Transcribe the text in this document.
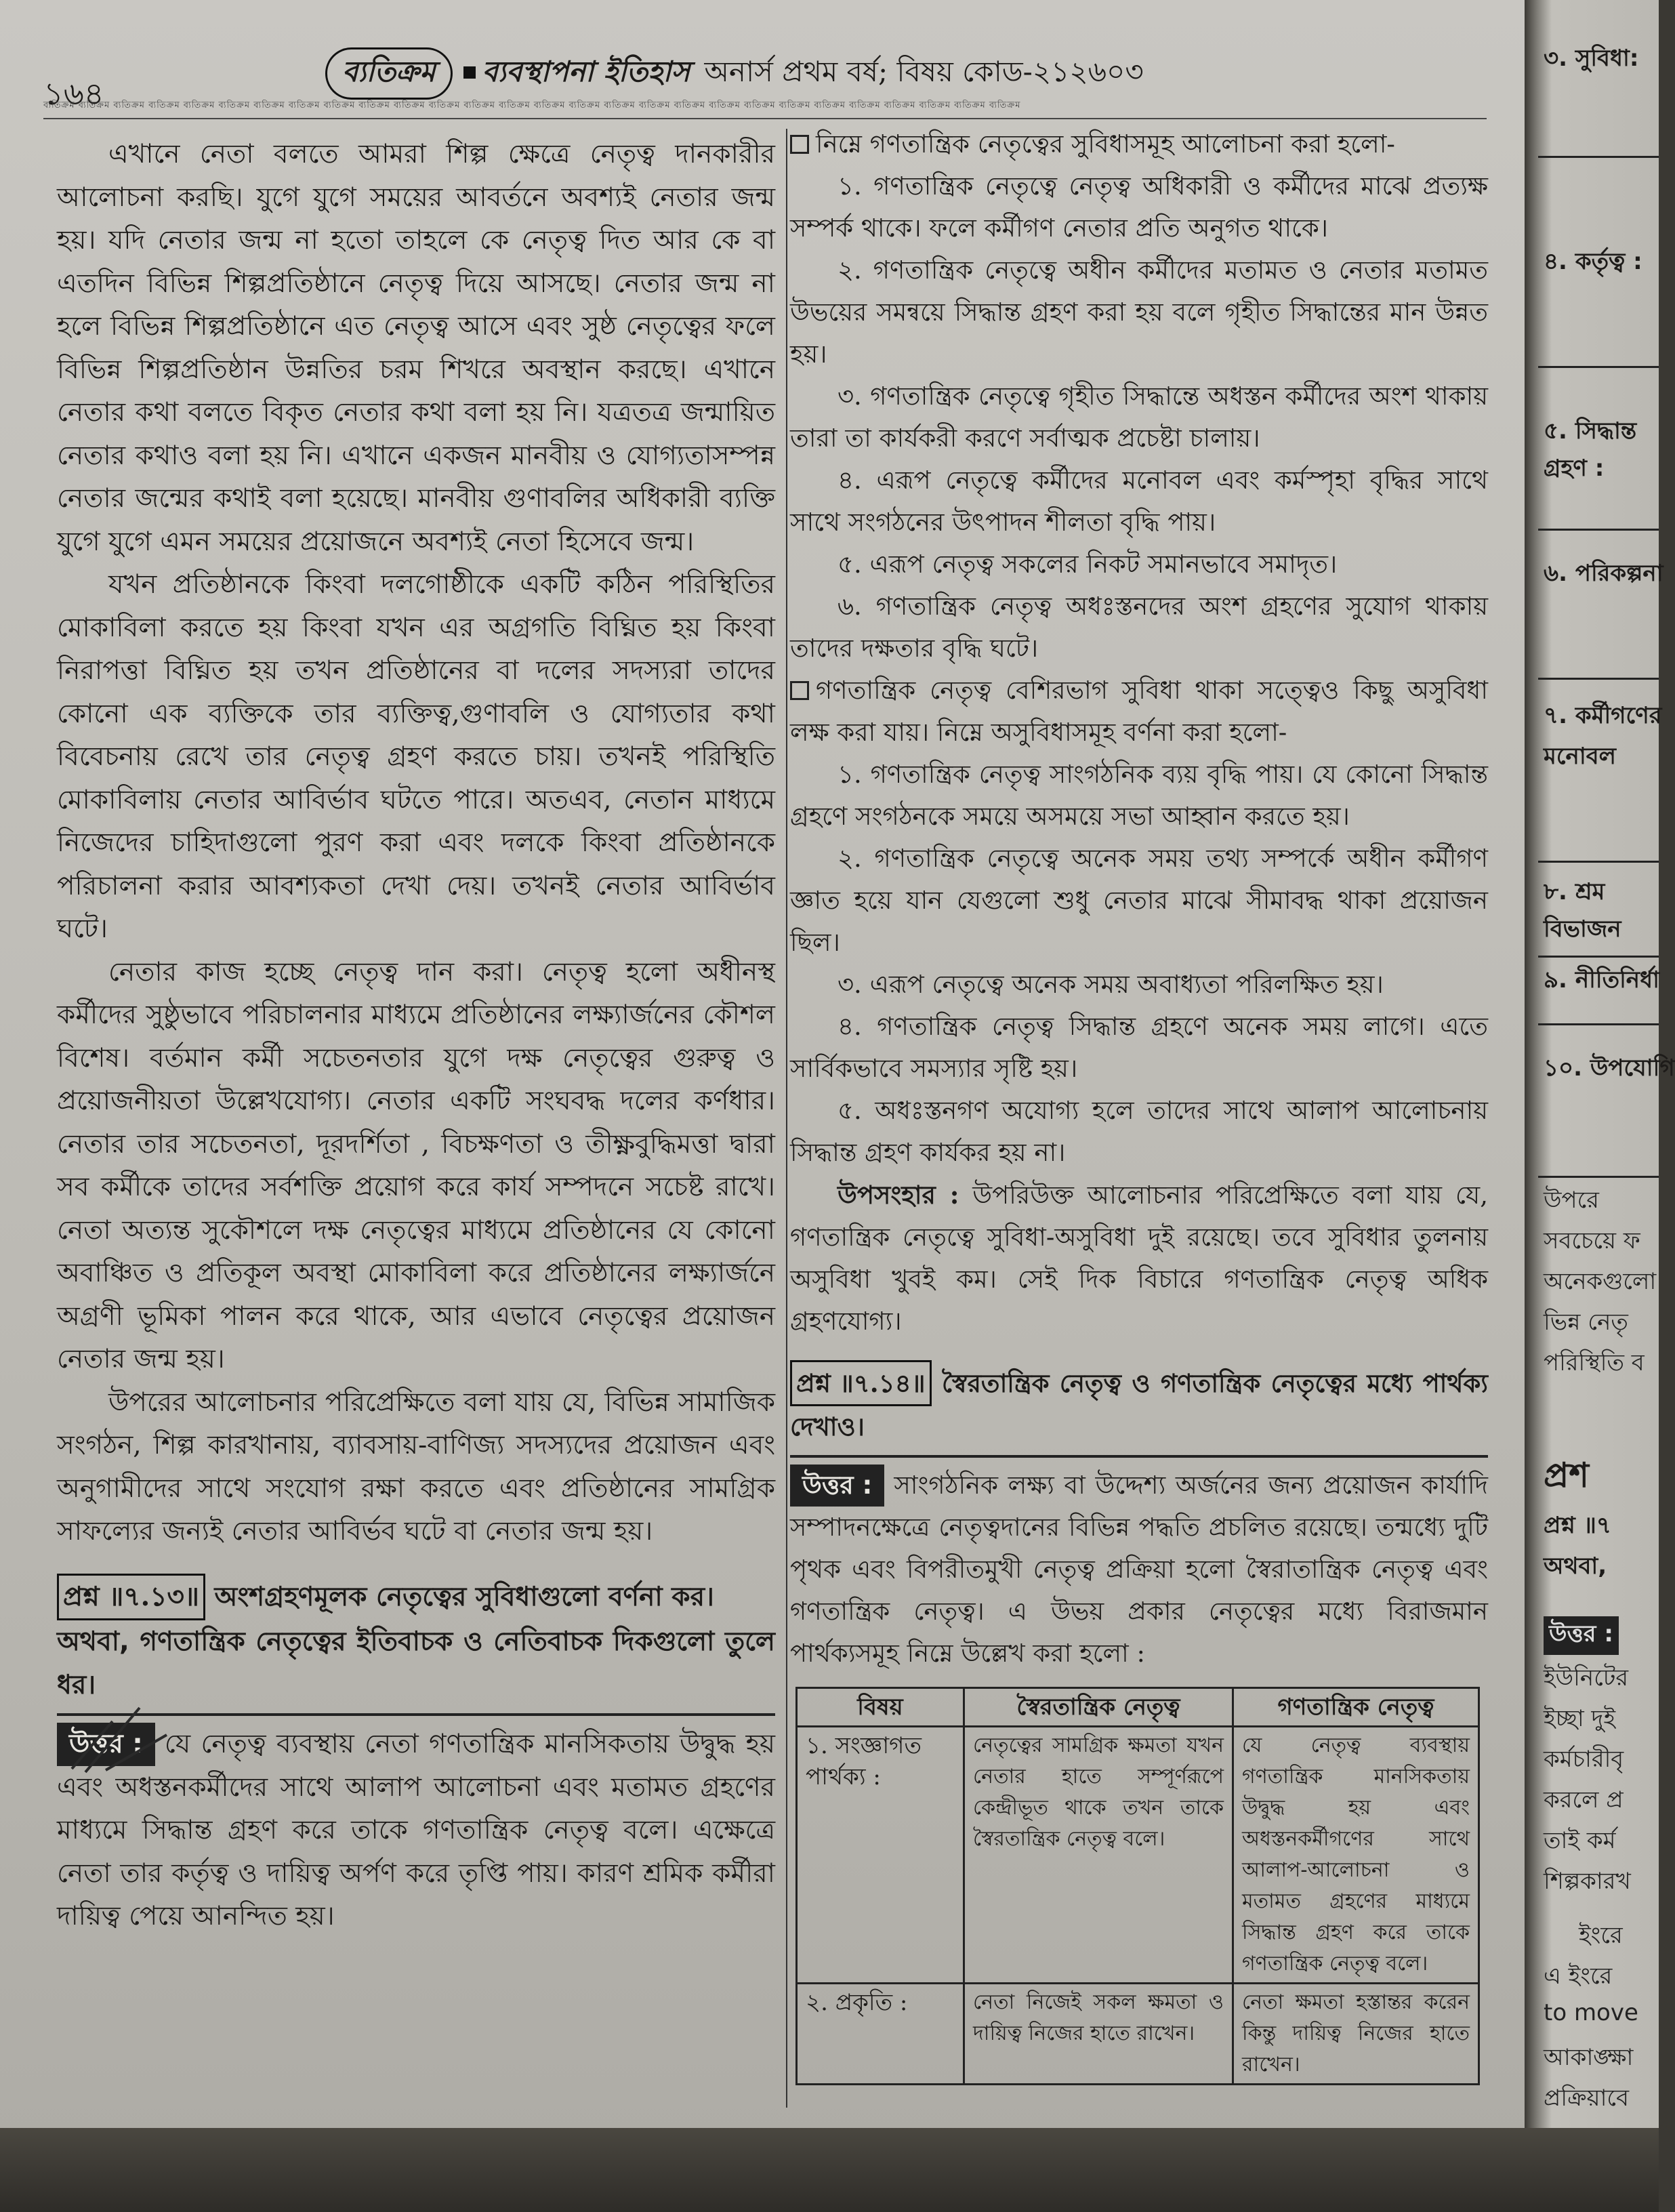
১৬৪
ব্যতিক্রম ব্যবস্থাপনা ইতিহাস অনার্স প্রথম বর্ষ; বিষয় কোড-২১২৬০৩
ব্যতিক্রম ব্যতিক্রম ব্যতিক্রম ব্যতিক্রম ব্যতিক্রম ব্যতিক্রম ব্যতিক্রম ব্যতিক্রম ব্যতিক্রম ব্যতিক্রম ব্যতিক্রম ব্যতিক্রম ব্যতিক্রম ব্যতিক্রম ব্যতিক্রম ব্যতিক্রম ব্যতিক্রম ব্যতিক্রম ব্যতিক্রম ব্যতিক্রম ব্যতিক্রম ব্যতিক্রম ব্যতিক্রম ব্যতিক্রম ব্যতিক্রম ব্যতিক্রম ব্যতিক্রম ব্যতিক্রম

এখানে নেতা বলতে আমরা শিল্প ক্ষেত্রে নেতৃত্ব দানকারীর আলোচনা করছি। যুগে যুগে সময়ের আবর্তনে অবশ্যই নেতার জন্ম হয়। যদি নেতার জন্ম না হতো তাহলে কে নেতৃত্ব দিত আর কে বা এতদিন বিভিন্ন শিল্পপ্রতিষ্ঠানে নেতৃত্ব দিয়ে আসছে। নেতার জন্ম না হলে বিভিন্ন শিল্পপ্রতিষ্ঠানে এত নেতৃত্ব আসে এবং সুষ্ঠ নেতৃত্বের ফলে বিভিন্ন শিল্পপ্রতিষ্ঠান উন্নতির চরম শিখরে অবস্থান করছে। এখানে নেতার কথা বলতে বিকৃত নেতার কথা বলা হয় নি। যত্রতত্র জন্মায়িত নেতার কথাও বলা হয় নি। এখানে একজন মানবীয় ও যোগ্যতাসম্পন্ন নেতার জন্মের কথাই বলা হয়েছে। মানবীয় গুণাবলির অধিকারী ব্যক্তি যুগে যুগে এমন সময়ের প্রয়োজনে অবশ্যই নেতা হিসেবে জন্ম।

যখন প্রতিষ্ঠানকে কিংবা দলগোষ্ঠীকে একটি কঠিন পরিস্থিতির মোকাবিলা করতে হয় কিংবা যখন এর অগ্রগতি বিঘ্নিত হয় কিংবা নিরাপত্তা বিঘ্নিত হয় তখন প্রতিষ্ঠানের বা দলের সদস্যরা তাদের কোনো এক ব্যক্তিকে তার ব্যক্তিত্ব,গুণাবলি ও যোগ্যতার কথা বিবেচনায় রেখে তার নেতৃত্ব গ্রহণ করতে চায়। তখনই পরিস্থিতি মোকাবিলায় নেতার আবির্ভাব ঘটতে পারে। অতএব, নেতান মাধ্যমে নিজেদের চাহিদাগুলো পুরণ করা এবং দলকে কিংবা প্রতিষ্ঠানকে পরিচালনা করার আবশ্যকতা দেখা দেয়। তখনই নেতার আবির্ভাব ঘটে।

নেতার কাজ হচ্ছে নেতৃত্ব দান করা। নেতৃত্ব হলো অধীনস্থ কর্মীদের সুষ্ঠুভাবে পরিচালনার মাধ্যমে প্রতিষ্ঠানের লক্ষ্যার্জনের কৌশল বিশেষ। বর্তমান কর্মী সচেতনতার যুগে দক্ষ নেতৃত্বের গুরুত্ব ও প্রয়োজনীয়তা উল্লেখযোগ্য। নেতার একটি সংঘবদ্ধ দলের কর্ণধার। নেতার তার সচেতনতা, দূরদর্শিতা , বিচক্ষণতা ও তীক্ষ্ণবুদ্ধিমত্তা দ্বারা সব কর্মীকে তাদের সর্বশক্তি প্রয়োগ করে কার্য সম্পদনে সচেষ্ট রাখে। নেতা অত্যন্ত সুকৌশলে দক্ষ নেতৃত্বের মাধ্যমে প্রতিষ্ঠানের যে কোনো অবাঞ্চিত ও প্রতিকূল অবস্থা মোকাবিলা করে প্রতিষ্ঠানের লক্ষ্যার্জনে অগ্রণী ভূমিকা পালন করে থাকে, আর এভাবে নেতৃত্বের প্রয়োজন নেতার জন্ম হয়।

উপরের আলোচনার পরিপ্রেক্ষিতে বলা যায় যে, বিভিন্ন সামাজিক সংগঠন, শিল্প কারখানায়, ব্যাবসায়-বাণিজ্য সদস্যদের প্রয়োজন এবং অনুগামীদের সাথে সংযোগ রক্ষা করতে এবং প্রতিষ্ঠানের সামগ্রিক সাফল্যের জন্যই নেতার আবির্ভব ঘটে বা নেতার জন্ম হয়।

প্রশ্ন ॥৭.১৩॥ অংশগ্রহণমূলক নেতৃত্বের সুবিধাগুলো বর্ণনা কর।

অথবা, গণতান্ত্রিক নেতৃত্বের ইতিবাচক ও নেতিবাচক দিকগুলো তুলে ধর।

উত্তর : যে নেতৃত্ব ব্যবস্থায় নেতা গণতান্ত্রিক মানসিকতায় উদ্বুদ্ধ হয় এবং অধস্তনকর্মীদের সাথে আলাপ আলোচনা এবং মতামত গ্রহণের মাধ্যমে সিদ্ধান্ত গ্রহণ করে তাকে গণতান্ত্রিক নেতৃত্ব বলে। এক্ষেত্রে নেতা তার কর্তৃত্ব ও দায়িত্ব অর্পণ করে তৃপ্তি পায়। কারণ শ্রমিক কর্মীরা দায়িত্ব পেয়ে আনন্দিত হয়।

নিম্নে গণতান্ত্রিক নেতৃত্বের সুবিধাসমূহ আলোচনা করা হলো-

১. গণতান্ত্রিক নেতৃত্বে নেতৃত্ব অধিকারী ও কর্মীদের মাঝে প্রত্যক্ষ সম্পর্ক থাকে। ফলে কর্মীগণ নেতার প্রতি অনুগত থাকে।

২. গণতান্ত্রিক নেতৃত্বে অধীন কর্মীদের মতামত ও নেতার মতামত উভয়ের সমন্বয়ে সিদ্ধান্ত গ্রহণ করা হয় বলে গৃহীত সিদ্ধান্তের মান উন্নত হয়।

৩. গণতান্ত্রিক নেতৃত্বে গৃহীত সিদ্ধান্তে অধস্তন কর্মীদের অংশ থাকায় তারা তা কার্যকরী করণে সর্বাত্মক প্রচেষ্টা চালায়।

৪. এরূপ নেতৃত্বে কর্মীদের মনোবল এবং কর্মস্পৃহা বৃদ্ধির সাথে সাথে সংগঠনের উৎপাদন শীলতা বৃদ্ধি পায়।

৫. এরূপ নেতৃত্ব সকলের নিকট সমানভাবে সমাদৃত।

৬. গণতান্ত্রিক নেতৃত্ব অধঃস্তনদের অংশ গ্রহণের সুযোগ থাকায় তাদের দক্ষতার বৃদ্ধি ঘটে।

গণতান্ত্রিক নেতৃত্ব বেশিরভাগ সুবিধা থাকা সত্ত্বেও কিছু অসুবিধা লক্ষ করা যায়। নিম্নে অসুবিধাসমূহ বর্ণনা করা হলো-

১. গণতান্ত্রিক নেতৃত্ব সাংগঠনিক ব্যয় বৃদ্ধি পায়। যে কোনো সিদ্ধান্ত গ্রহণে সংগঠনকে সময়ে অসময়ে সভা আহ্বান করতে হয়।

২. গণতান্ত্রিক নেতৃত্বে অনেক সময় তথ্য সম্পর্কে অধীন কর্মীগণ জ্ঞাত হয়ে যান যেগুলো শুধু নেতার মাঝে সীমাবদ্ধ থাকা প্রয়োজন ছিল।

৩. এরূপ নেতৃত্বে অনেক সময় অবাধ্যতা পরিলক্ষিত হয়।

৪. গণতান্ত্রিক নেতৃত্ব সিদ্ধান্ত গ্রহণে অনেক সময় লাগে। এতে সার্বিকভাবে সমস্যার সৃষ্টি হয়।

৫. অধঃস্তনগণ অযোগ্য হলে তাদের সাথে আলাপ আলোচনায় সিদ্ধান্ত গ্রহণ কার্যকর হয় না।

উপসংহার : উপরিউক্ত আলোচনার পরিপ্রেক্ষিতে বলা যায় যে, গণতান্ত্রিক নেতৃত্বে সুবিধা-অসুবিধা দুই রয়েছে। তবে সুবিধার তুলনায় অসুবিধা খুবই কম। সেই দিক বিচারে গণতান্ত্রিক নেতৃত্ব অধিক গ্রহণযোগ্য।

প্রশ্ন ॥৭.১৪॥ স্বৈরতান্ত্রিক নেতৃত্ব ও গণতান্ত্রিক নেতৃত্বের মধ্যে পার্থক্য দেখাও।

উত্তর : সাংগঠনিক লক্ষ্য বা উদ্দেশ্য অর্জনের জন্য প্রয়োজন কার্যাদি সম্পাদনক্ষেত্রে নেতৃত্বদানের বিভিন্ন পদ্ধতি প্রচলিত রয়েছে। তন্মধ্যে দুটি পৃথক এবং বিপরীতমুখী নেতৃত্ব প্রক্রিয়া হলো স্বৈরাতান্ত্রিক নেতৃত্ব এবং গণতান্ত্রিক নেতৃত্ব। এ উভয় প্রকার নেতৃত্বের মধ্যে বিরাজমান পার্থক্যসমূহ নিম্নে উল্লেখ করা হলো :

বিষয়	স্বৈরতান্ত্রিক নেতৃত্ব	গণতান্ত্রিক নেতৃত্ব
১. সংজ্ঞাগত পার্থক্য :	নেতৃত্বের সামগ্রিক ক্ষমতা যখন নেতার হাতে সম্পূর্ণরূপে কেন্দ্রীভূত থাকে তখন তাকে স্বৈরতান্ত্রিক নেতৃত্ব বলে।	যে নেতৃত্ব ব্যবস্থায় গণতান্ত্রিক মানসিকতায় উদ্বুদ্ধ হয় এবং অধস্তনকর্মীগণের সাথে আলাপ-আলোচনা ও মতামত গ্রহণের মাধ্যমে সিদ্ধান্ত গ্রহণ করে তাকে গণতান্ত্রিক নেতৃত্ব বলে।
২. প্রকৃতি :	নেতা নিজেই সকল ক্ষমতা ও দায়িত্ব নিজের হাতে রাখেন।	নেতা ক্ষমতা হস্তান্তর করেন কিন্তু দায়িত্ব নিজের হাতে রাখেন।
৩. সুবিধা:
৪. কর্তৃত্ব :
৫. সিদ্ধান্ত
গ্রহণ :
৬. পরিকল্পনা
৭. কর্মীগণের
মনোবল
৮. শ্রম
বিভাজন
৯. নীতিনির্ধা
১০. উপযোগি
উপরে
সবচেয়ে ফ
অনেকগুলো
ভিন্ন নেতৃ
পরিস্থিতি ব
প্রশ
প্রশ্ন ॥৭
অথবা,
উত্তর :
ইউনিটের
ইচ্ছা দুই
কর্মচারীবৃ
করলে প্র
তাই কর্ম
শিল্পকারখ
ইংরে
এ ইংরে
to move
আকাঙ্ক্ষা
প্রক্রিয়াবে
